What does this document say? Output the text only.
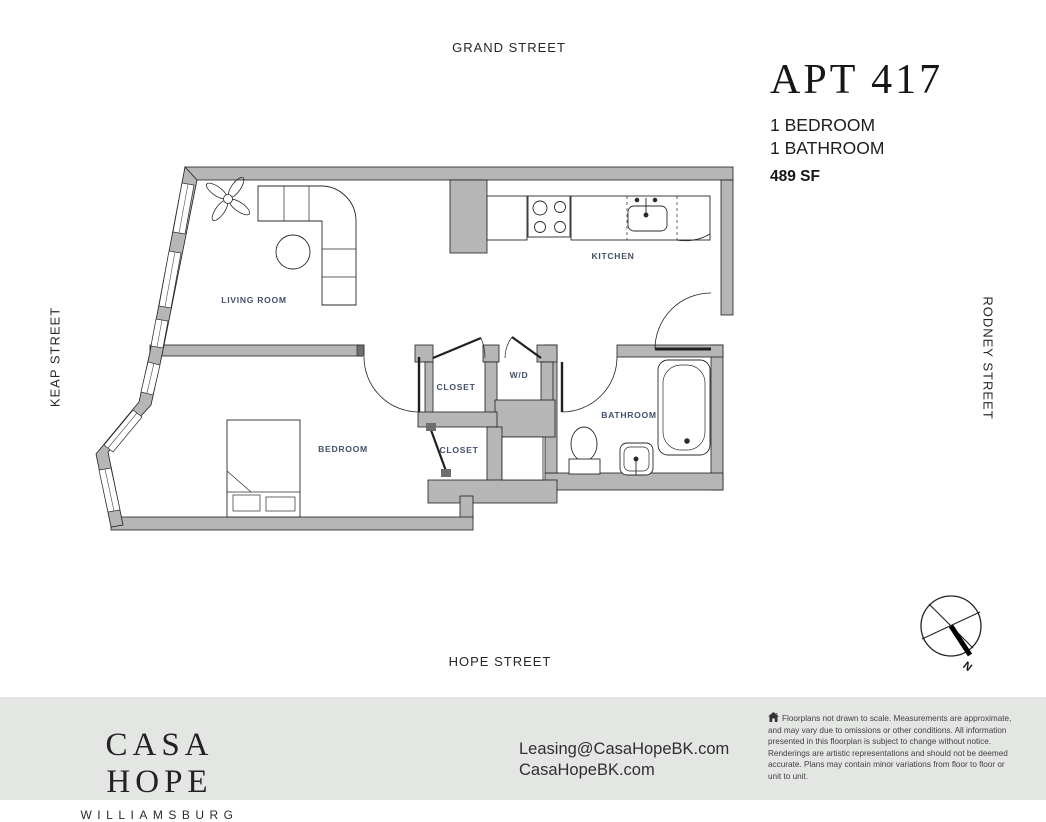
GRAND STREET
KEAP STREET	RODNEY STREET
HOPE STREET
APT 417
1 BEDROOM
1 BATHROOM
489 SF
LIVING ROOM
KITCHEN
BEDROOM
BATHROOM
CLOSET
W/D
CLOSET
N
CASA HOPE
WILLIAMSBURG
Leasing@CasaHopeBK.com
CasaHopeBK.com
Floorplans not drawn to scale. Measurements are approximate, and may vary due to omissions or other conditions. All information presented in this floorplan is subject to change without notice. Renderings are artistic representations and should not be deemed accurate. Plans may contain minor variations from floor to floor or unit to unit.
